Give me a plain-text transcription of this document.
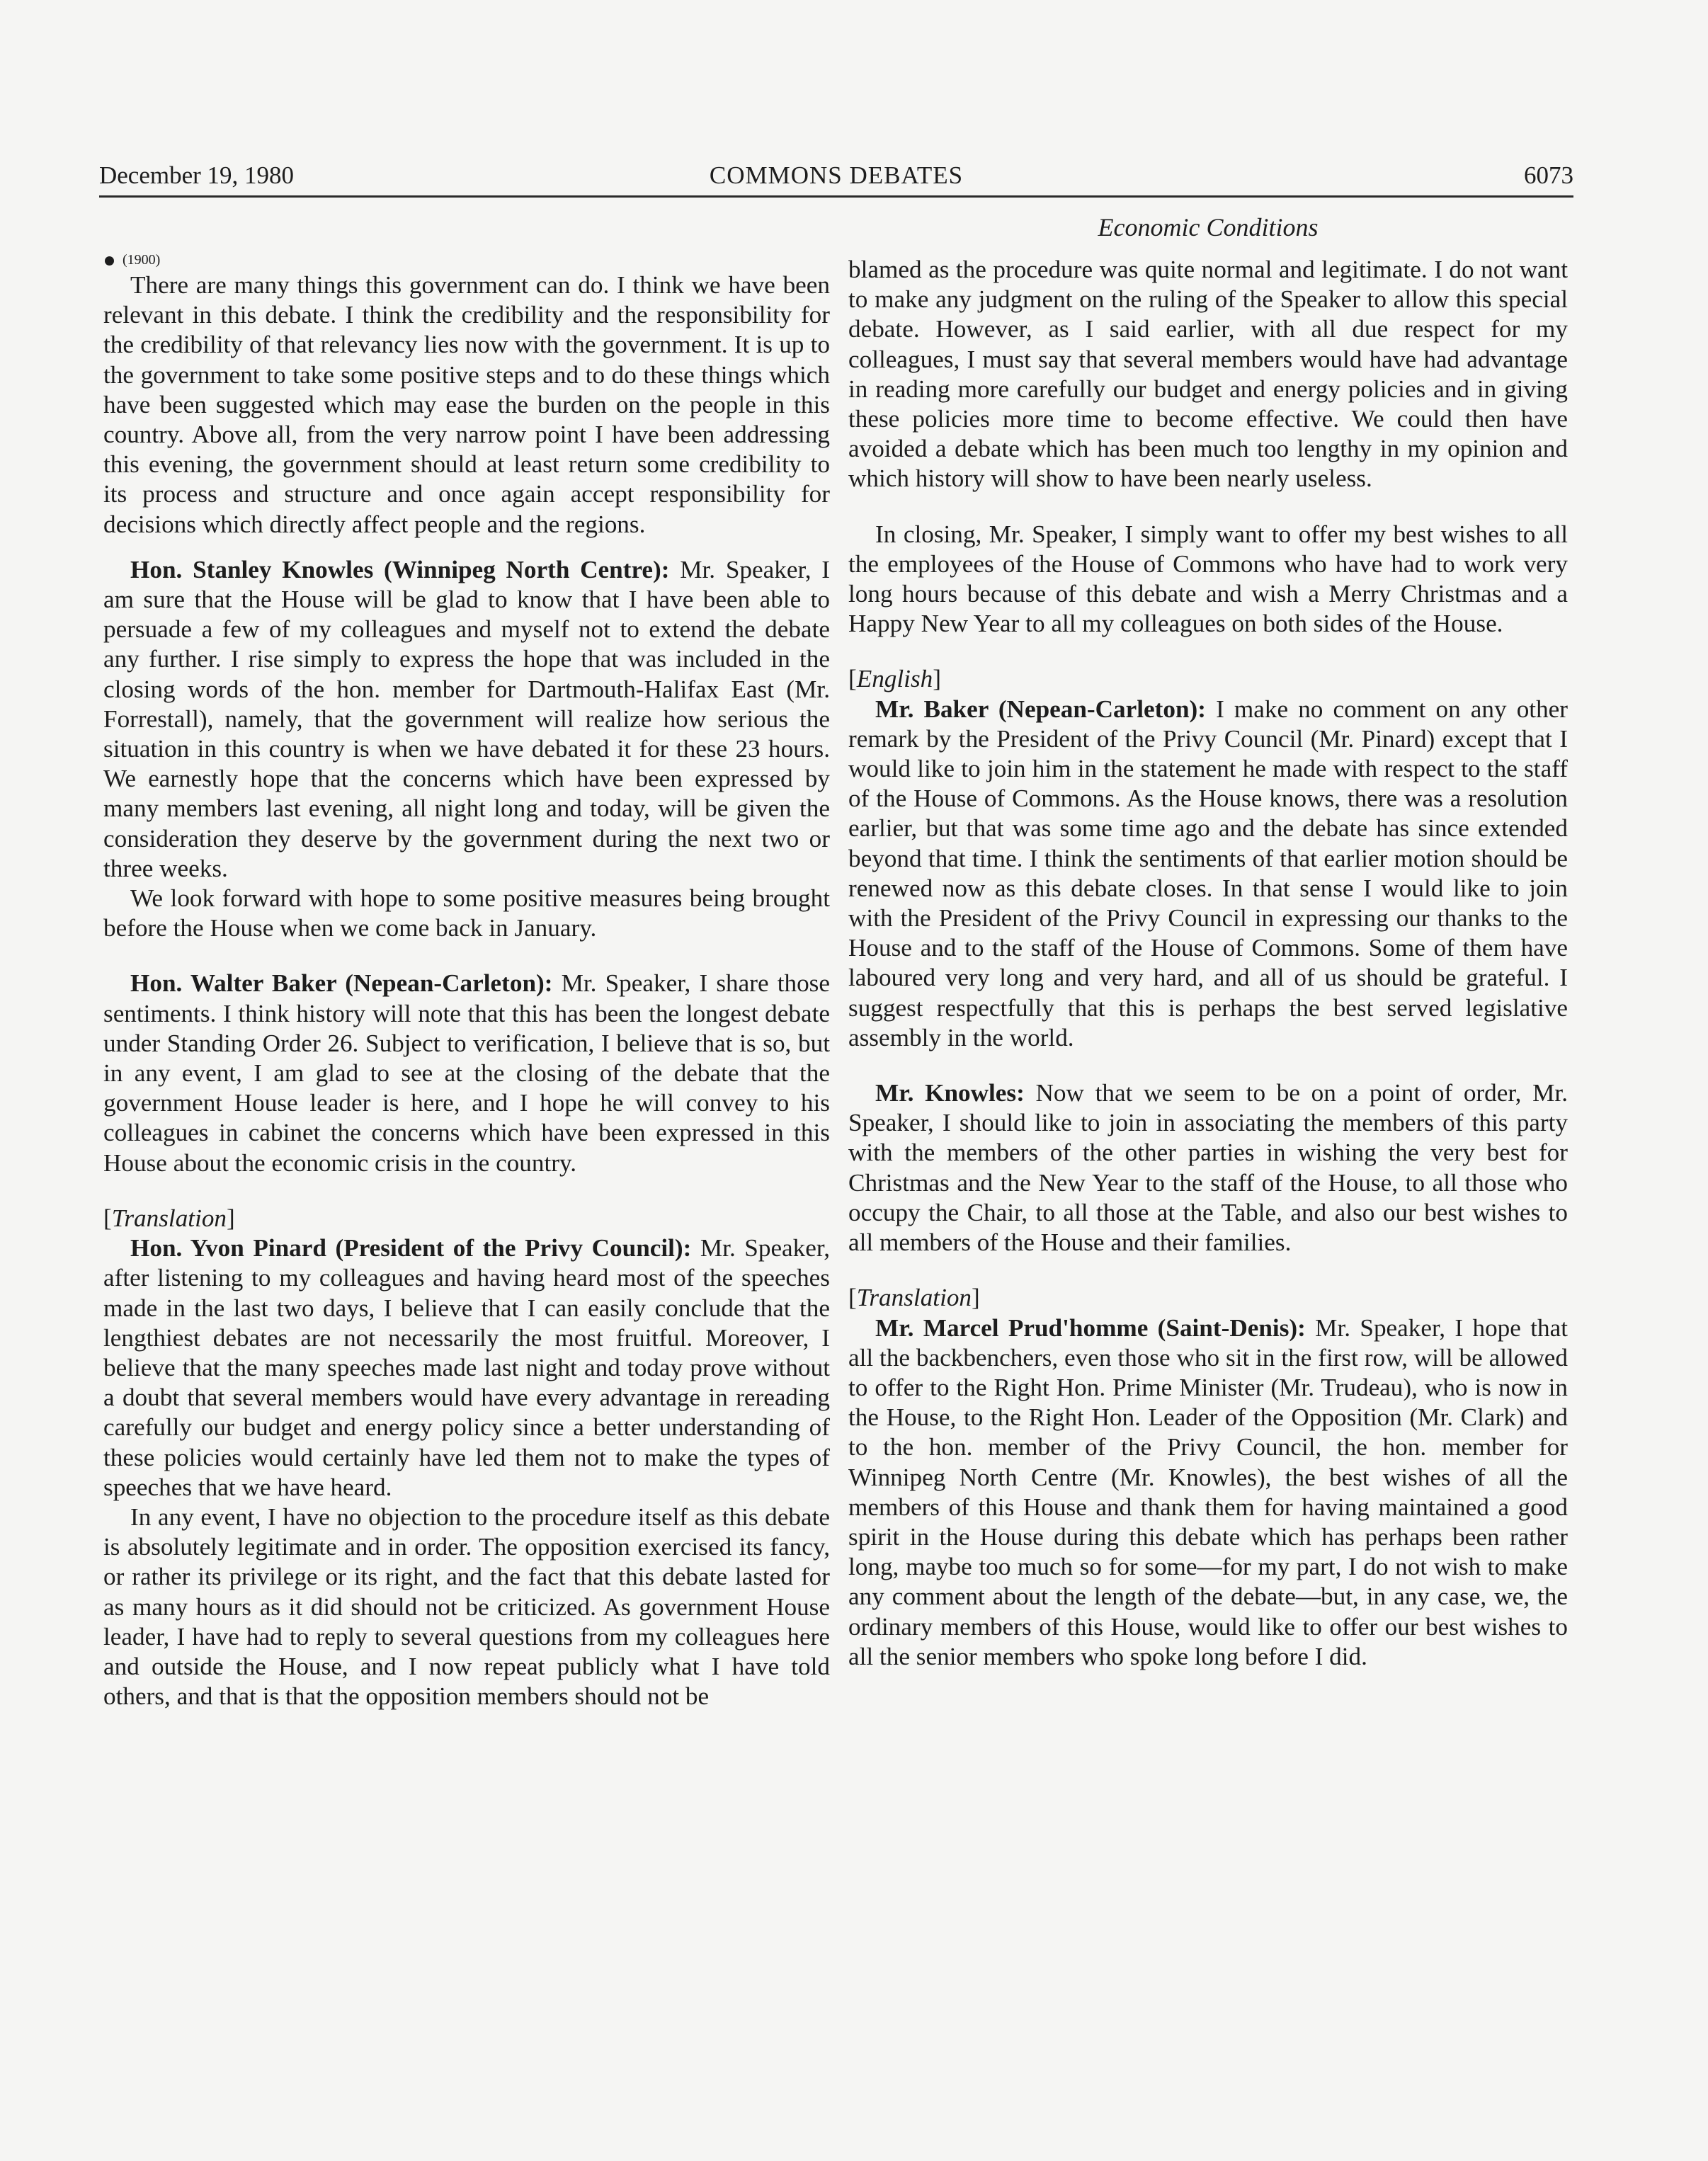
December 19, 1980	COMMONS DEBATES	6073
Economic Conditions

(1900)

There are many things this government can do. I think we have been relevant in this debate. I think the credibility and the responsibility for the credibility of that relevancy lies now with the government. It is up to the government to take some positive steps and to do these things which have been suggested which may ease the burden on the people in this country. Above all, from the very narrow point I have been addressing this evening, the government should at least return some credibility to its process and structure and once again accept responsibility for decisions which directly affect people and the regions.

Hon. Stanley Knowles (Winnipeg North Centre): Mr. Speaker, I am sure that the House will be glad to know that I have been able to persuade a few of my colleagues and myself not to extend the debate any further. I rise simply to express the hope that was included in the closing words of the hon. member for Dartmouth-Halifax East (Mr. Forrestall), namely, that the government will realize how serious the situation in this country is when we have debated it for these 23 hours. We earnestly hope that the concerns which have been expressed by many members last evening, all night long and today, will be given the consideration they deserve by the government during the next two or three weeks.

We look forward with hope to some positive measures being brought before the House when we come back in January.

Hon. Walter Baker (Nepean-Carleton): Mr. Speaker, I share those sentiments. I think history will note that this has been the longest debate under Standing Order 26. Subject to verification, I believe that is so, but in any event, I am glad to see at the closing of the debate that the government House leader is here, and I hope he will convey to his colleagues in cabinet the concerns which have been expressed in this House about the economic crisis in the country.

[Translation]

Hon. Yvon Pinard (President of the Privy Council): Mr. Speaker, after listening to my colleagues and having heard most of the speeches made in the last two days, I believe that I can easily conclude that the lengthiest debates are not necessarily the most fruitful. Moreover, I believe that the many speeches made last night and today prove without a doubt that several members would have every advantage in rereading carefully our budget and energy policy since a better understanding of these policies would certainly have led them not to make the types of speeches that we have heard.

In any event, I have no objection to the procedure itself as this debate is absolutely legitimate and in order. The opposition exercised its fancy, or rather its privilege or its right, and the fact that this debate lasted for as many hours as it did should not be criticized. As government House leader, I have had to reply to several questions from my colleagues here and outside the House, and I now repeat publicly what I have told others, and that is that the opposition members should not be

blamed as the procedure was quite normal and legitimate. I do not want to make any judgment on the ruling of the Speaker to allow this special debate. However, as I said earlier, with all due respect for my colleagues, I must say that several members would have had advantage in reading more carefully our budget and energy policies and in giving these policies more time to become effective. We could then have avoided a debate which has been much too lengthy in my opinion and which history will show to have been nearly useless.

In closing, Mr. Speaker, I simply want to offer my best wishes to all the employees of the House of Commons who have had to work very long hours because of this debate and wish a Merry Christmas and a Happy New Year to all my colleagues on both sides of the House.

[English]

Mr. Baker (Nepean-Carleton): I make no comment on any other remark by the President of the Privy Council (Mr. Pinard) except that I would like to join him in the statement he made with respect to the staff of the House of Commons. As the House knows, there was a resolution earlier, but that was some time ago and the debate has since extended beyond that time. I think the sentiments of that earlier motion should be renewed now as this debate closes. In that sense I would like to join with the President of the Privy Council in expressing our thanks to the House and to the staff of the House of Commons. Some of them have laboured very long and very hard, and all of us should be grateful. I suggest respectfully that this is perhaps the best served legislative assembly in the world.

Mr. Knowles: Now that we seem to be on a point of order, Mr. Speaker, I should like to join in associating the members of this party with the members of the other parties in wishing the very best for Christmas and the New Year to the staff of the House, to all those who occupy the Chair, to all those at the Table, and also our best wishes to all members of the House and their families.

[Translation]

Mr. Marcel Prud'homme (Saint-Denis): Mr. Speaker, I hope that all the backbenchers, even those who sit in the first row, will be allowed to offer to the Right Hon. Prime Minister (Mr. Trudeau), who is now in the House, to the Right Hon. Leader of the Opposition (Mr. Clark) and to the hon. member of the Privy Council, the hon. member for Winnipeg North Centre (Mr. Knowles), the best wishes of all the members of this House and thank them for having maintained a good spirit in the House during this debate which has perhaps been rather long, maybe too much so for some—for my part, I do not wish to make any comment about the length of the debate—but, in any case, we, the ordinary members of this House, would like to offer our best wishes to all the senior members who spoke long before I did.
